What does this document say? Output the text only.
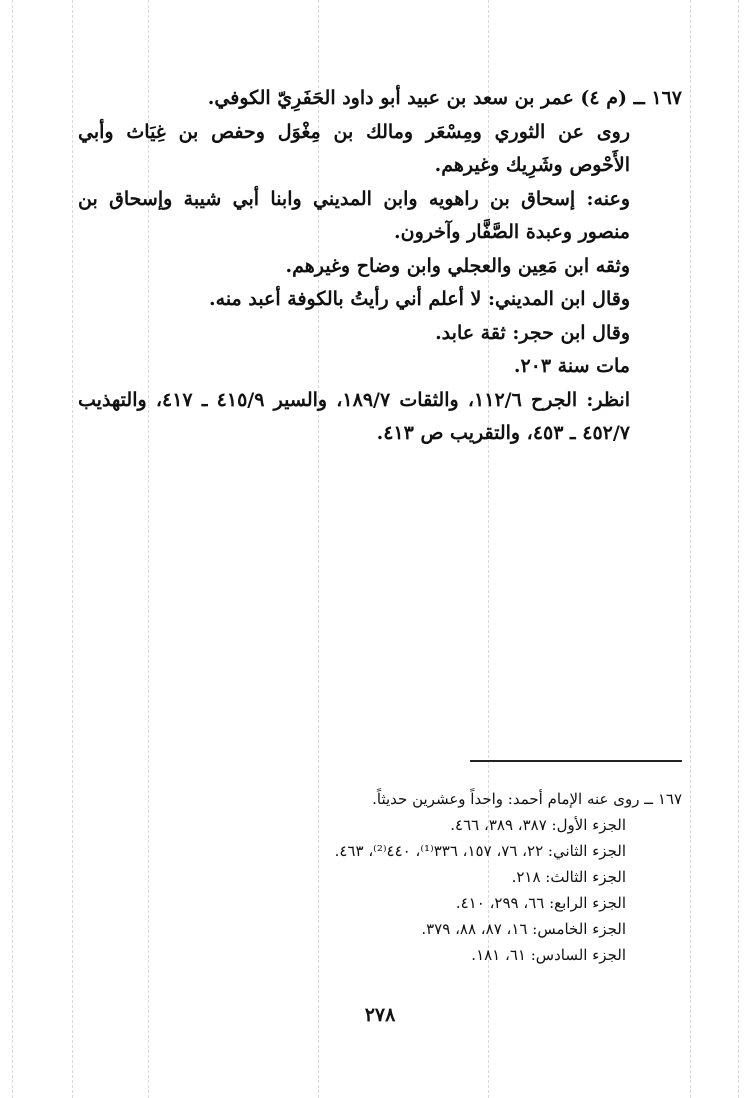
١٦٧ ــ (م ٤) عمر بن سعد بن عبيد أبو داود الحَفَرِيّ الكوفي.

روى عن الثوري ومِسْعَر ومالك بن مِغْوَل وحفص بن غِيَاث وأبي الأَحْوص وشَرِيك وغيرهم.

وعنه: إسحاق بن راهويه وابن المديني وابنا أبي شيبة وإسحاق بن منصور وعبدة الصَّفَّار وآخرون.

وثقه ابن مَعِين والعجلي وابن وضاح وغيرهم.

وقال ابن المديني: لا أعلم أني رأيتُ بالكوفة أعبد منه.

وقال ابن حجر: ثقة عابد.

مات سنة ٢٠٣.

انظر: الجرح ١١٢/٦، والثقات ١٨٩/٧، والسير ٤١٥/٩ ـ ٤١٧، والتهذيب ٤٥٢/٧ ـ ٤٥٣، والتقريب ص ٤١٣.

١٦٧ ــ روى عنه الإمام أحمد: واحداً وعشرين حديثاً.

الجزء الأول: ٣٨٧، ٣٨٩، ٤٦٦.

الجزء الثاني: ٢٢، ٧٦، ١٥٧، ٣٣٦⁽¹⁾، ٤٤٠⁽²⁾، ٤٦٣.

الجزء الثالث: ٢١٨.

الجزء الرابع: ٦٦، ٢٩٩، ٤١٠.

الجزء الخامس: ١٦، ٨٧، ٨٨، ٣٧٩.

الجزء السادس: ٦١، ١٨١.

٢٧٨
